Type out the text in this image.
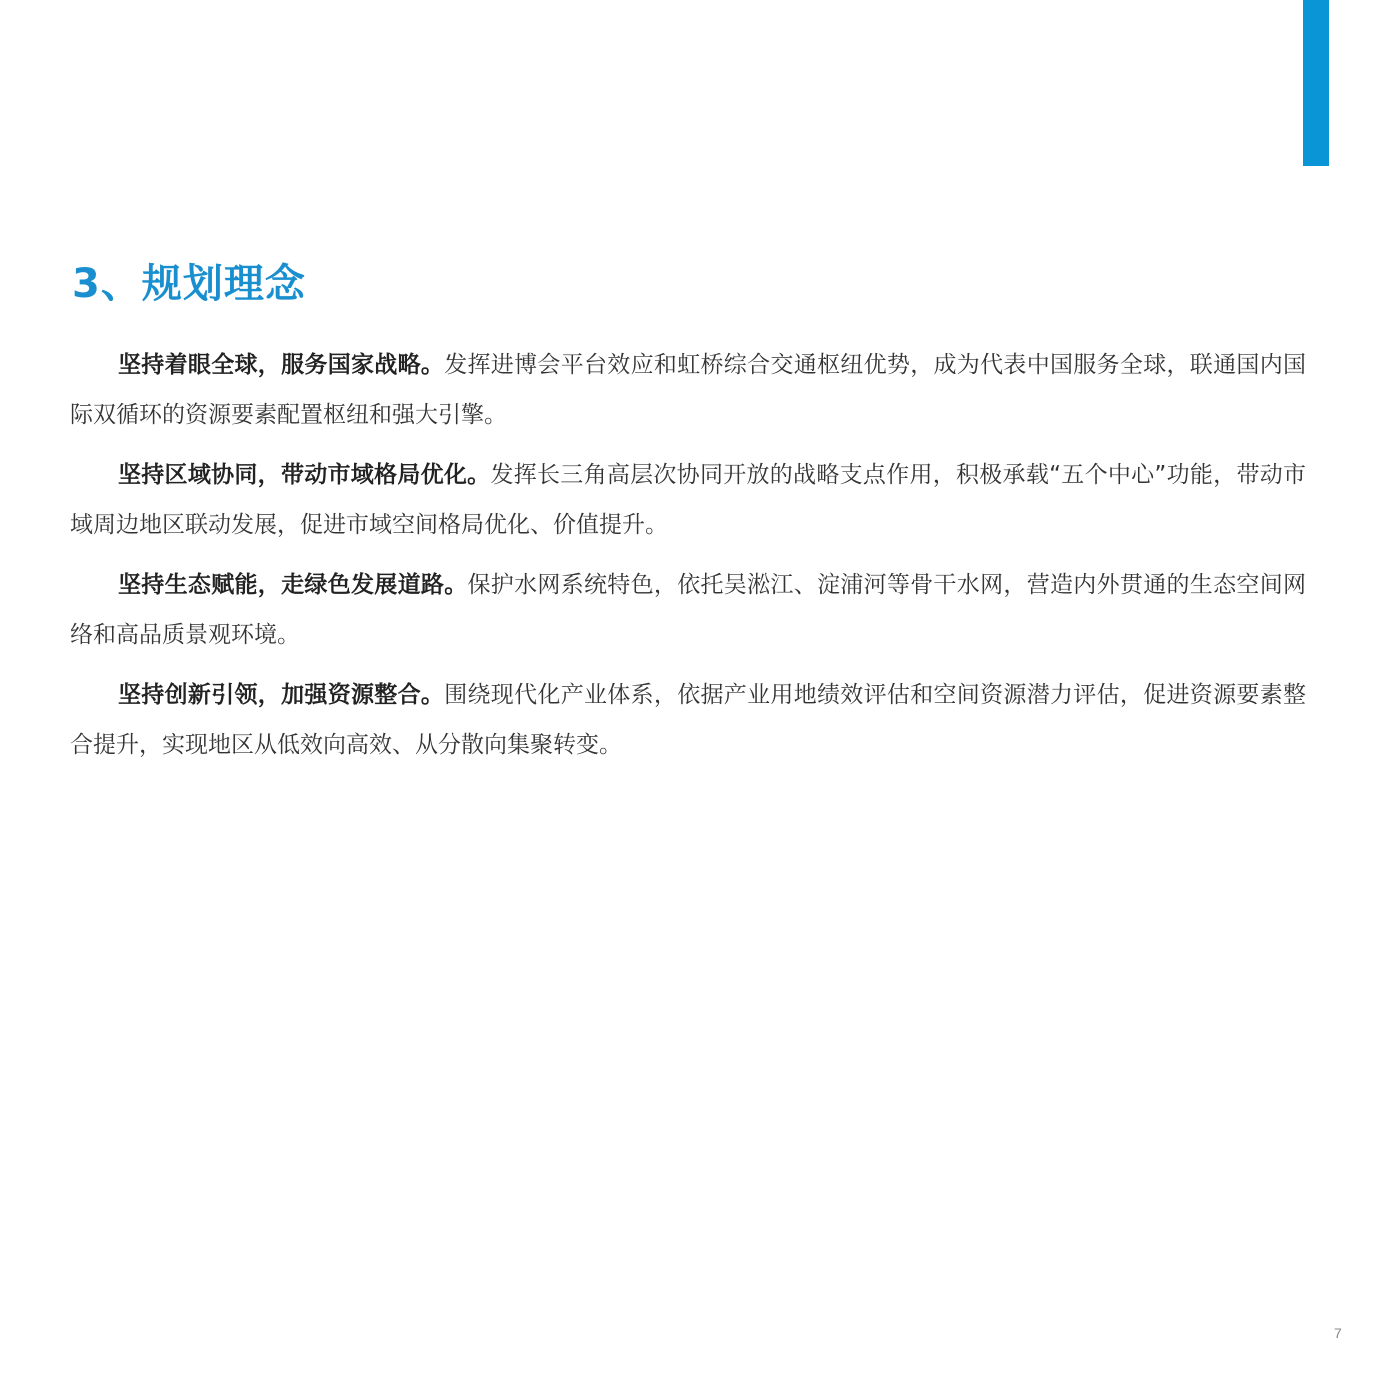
3、规划理念

坚持着眼全球，服务国家战略。发挥进博会平台效应和虹桥综合交通枢纽优势，成为代表中国服务全球，联通国内国际双循环的资源要素配置枢纽和强大引擎。

坚持区域协同，带动市域格局优化。发挥长三角高层次协同开放的战略支点作用，积极承载“五个中心”功能，带动市域周边地区联动发展，促进市域空间格局优化、价值提升。

坚持生态赋能，走绿色发展道路。保护水网系统特色，依托吴淞江、淀浦河等骨干水网，营造内外贯通的生态空间网络和高品质景观环境。

坚持创新引领，加强资源整合。围绕现代化产业体系，依据产业用地绩效评估和空间资源潜力评估，促进资源要素整合提升，实现地区从低效向高效、从分散向集聚转变。

7
